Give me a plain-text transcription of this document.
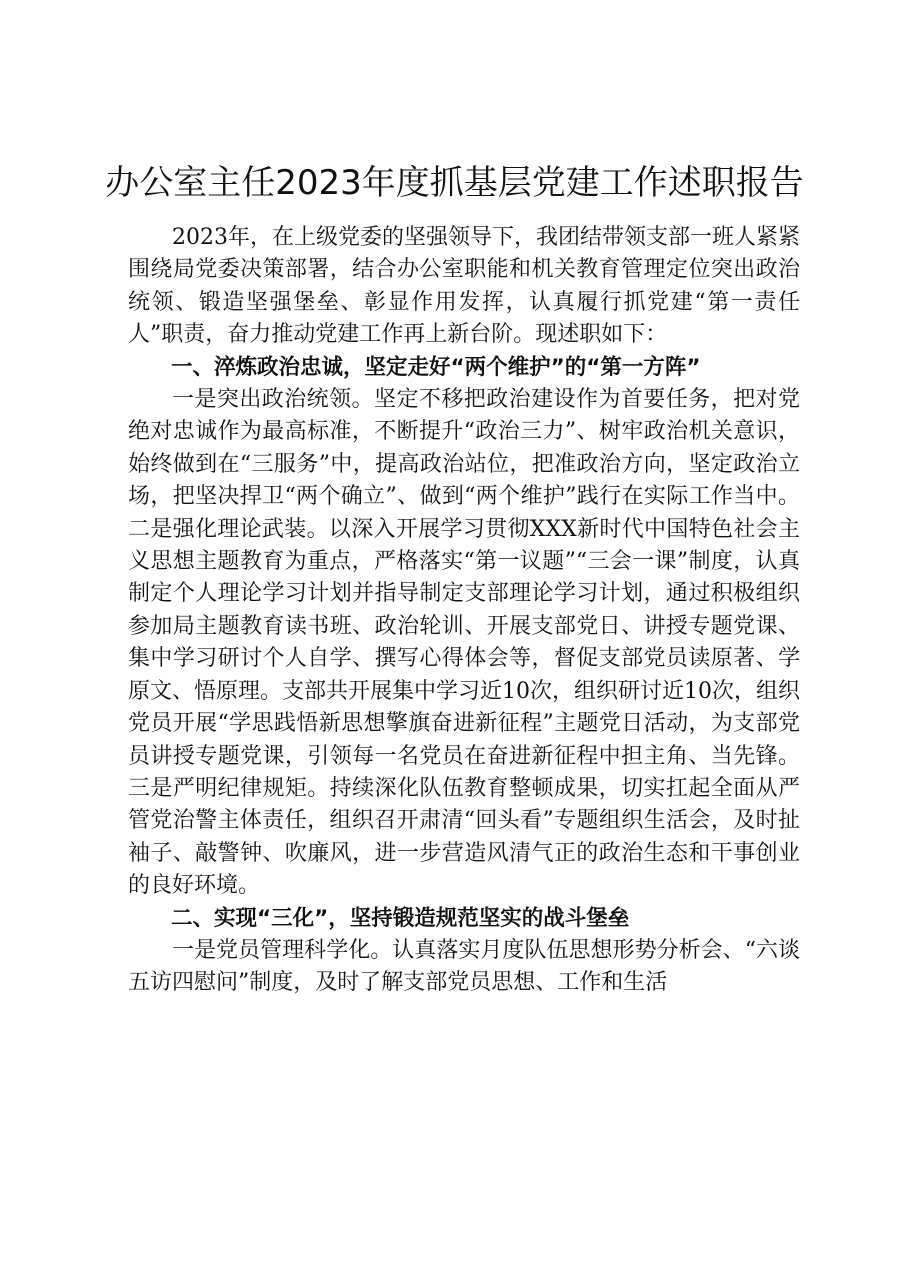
办公室主任2023年度抓基层党建工作述职报告

2023年，在上级党委的坚强领导下，我团结带领支部一班人紧紧围绕局党委决策部署，结合办公室职能和机关教育管理定位突出政治统领、锻造坚强堡垒、彰显作用发挥，认真履行抓党建“第一责任人”职责，奋力推动党建工作再上新台阶。现述职如下：

一、淬炼政治忠诚，坚定走好“两个维护”的“第一方阵”

一是突出政治统领。坚定不移把政治建设作为首要任务，把对党绝对忠诚作为最高标准，不断提升“政治三力”、树牢政治机关意识，始终做到在“三服务”中，提高政治站位，把准政治方向，坚定政治立场，把坚决捍卫“两个确立”、做到“两个维护”践行在实际工作当中。二是强化理论武装。以深入开展学习贯彻XXX新时代中国特色社会主义思想主题教育为重点，严格落实“第一议题”“三会一课”制度，认真制定个人理论学习计划并指导制定支部理论学习计划，通过积极组织参加局主题教育读书班、政治轮训、开展支部党日、讲授专题党课、集中学习研讨个人自学、撰写心得体会等，督促支部党员读原著、学原文、悟原理。支部共开展集中学习近10次，组织研讨近10次，组织党员开展“学思践悟新思想擎旗奋进新征程”主题党日活动，为支部党员讲授专题党课，引领每一名党员在奋进新征程中担主角、当先锋。三是严明纪律规矩。持续深化队伍教育整顿成果，切实扛起全面从严管党治警主体责任，组织召开肃清“回头看”专题组织生活会，及时扯袖子、敲警钟、吹廉风，进一步营造风清气正的政治生态和干事创业的良好环境。

二、实现“三化”，坚持锻造规范坚实的战斗堡垒

一是党员管理科学化。认真落实月度队伍思想形势分析会、“六谈五访四慰问”制度，及时了解支部党员思想、工作和生活
